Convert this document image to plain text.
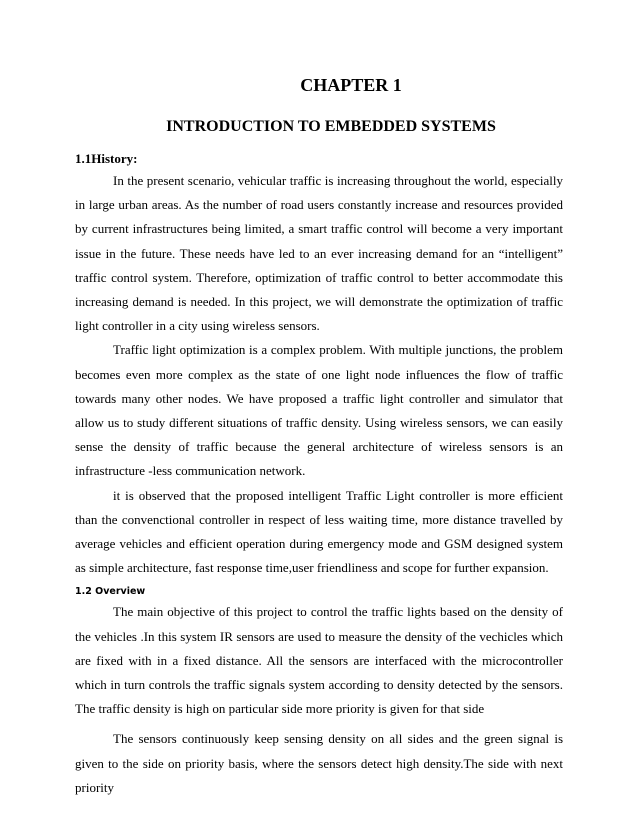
CHAPTER 1
INTRODUCTION TO EMBEDDED SYSTEMS
1.1History:

In the present scenario, vehicular traffic is increasing throughout the world, especially in large urban areas. As the number of road users constantly increase and resources provided by current infrastructures being limited, a smart traffic control will become a very important issue in the future. These needs have led to an ever increasing demand for an “intelligent” traffic control system. Therefore, optimization of traffic control to better accommodate this increasing demand is needed. In this project, we will demonstrate the optimization of traffic light controller in a city using wireless sensors.

Traffic light optimization is a complex problem. With multiple junctions, the problem becomes even more complex as the state of one light node influences the flow of traffic towards many other nodes. We have proposed a traffic light controller and simulator that allow us to study different situations of traffic density. Using wireless sensors, we can easily sense the density of traffic because the general architecture of wireless sensors is an infrastructure -less communication network.

it is observed that the proposed intelligent Traffic Light controller is more efficient than the convenctional controller in respect of less waiting time, more distance travelled by average vehicles and efficient operation during emergency mode and GSM designed system as simple architecture, fast response time,user friendliness and scope for further expansion.

1.2 Overview

The main objective of this project to control the traffic lights based on the density of the vehicles .In this system IR sensors are used to measure the density of the vechicles which are fixed with in a fixed distance. All the sensors are interfaced with the microcontroller which in turn controls the traffic signals system according to density detected by the sensors. The traffic density is high on particular side more priority is given for that side

The sensors continuously keep sensing density on all sides and the green signal is given to the side on priority basis, where the sensors detect high density.The side with next priority
